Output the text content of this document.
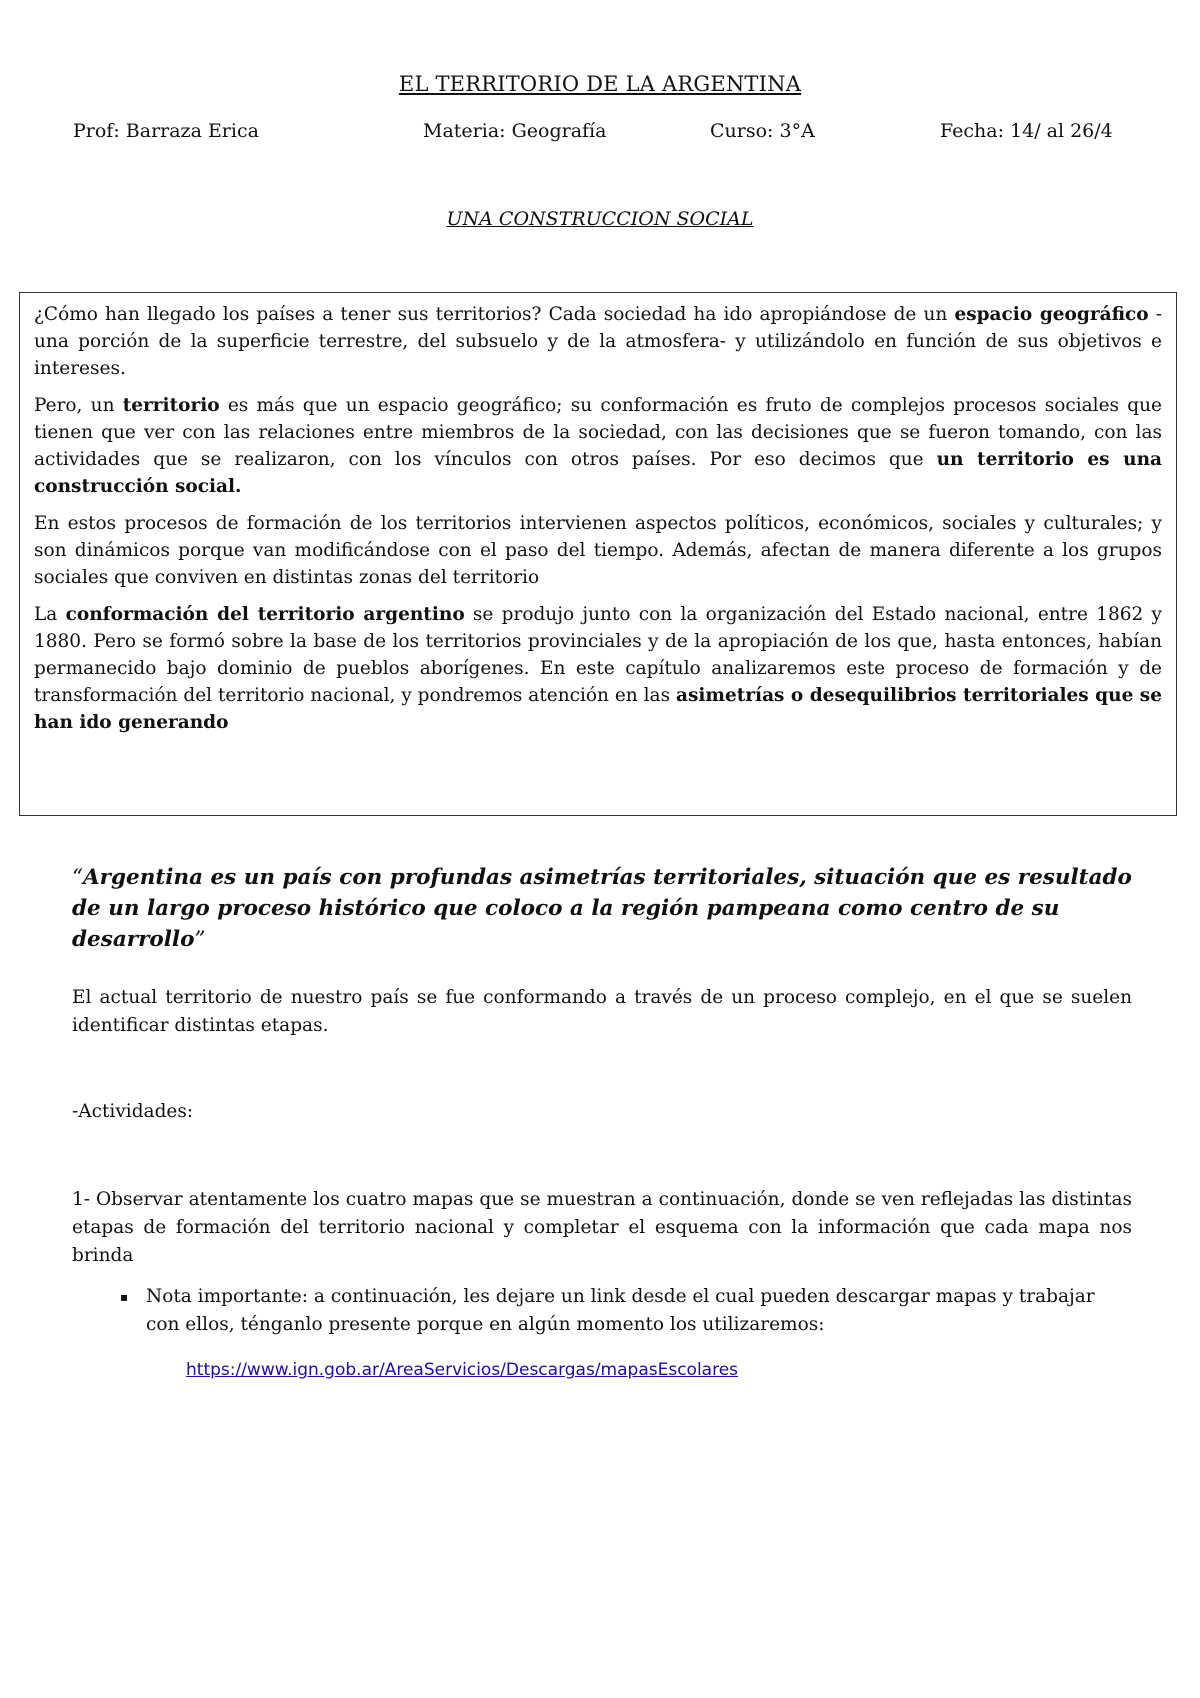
EL TERRITORIO DE LA ARGENTINA
Prof: Barraza Erica	Materia: Geografía	Curso: 3°A	Fecha: 14/ al 26/4
UNA CONSTRUCCION SOCIAL

¿Cómo han llegado los países a tener sus territorios? Cada sociedad ha ido apropiándose de un espacio geográfico - una porción de la superficie terrestre, del subsuelo y de la atmosfera- y utilizándolo en función de sus objetivos e intereses.

Pero, un territorio es más que un espacio geográfico; su conformación es fruto de complejos procesos sociales que tienen que ver con las relaciones entre miembros de la sociedad, con las decisiones que se fueron tomando, con las actividades que se realizaron, con los vínculos con otros países. Por eso decimos que un territorio es una construcción social.

En estos procesos de formación de los territorios intervienen aspectos políticos, económicos, sociales y culturales; y son dinámicos porque van modificándose con el paso del tiempo. Además, afectan de manera diferente a los grupos sociales que conviven en distintas zonas del territorio

La conformación del territorio argentino se produjo junto con la organización del Estado nacional, entre 1862 y 1880. Pero se formó sobre la base de los territorios provinciales y de la apropiación de los que, hasta entonces, habían permanecido bajo dominio de pueblos aborígenes. En este capítulo analizaremos este proceso de formación y de transformación del territorio nacional, y pondremos atención en las asimetrías o desequilibrios territoriales que se han ido generando

“Argentina es un país con profundas asimetrías territoriales, situación que es resultado de un largo proceso histórico que coloco a la región pampeana como centro de su desarrollo”
El actual territorio de nuestro país se fue conformando a través de un proceso complejo, en el que se suelen identificar distintas etapas.
-Actividades:
1- Observar atentamente los cuatro mapas que se muestran a continuación, donde se ven reflejadas las distintas etapas de formación del territorio nacional y completar el esquema con la información que cada mapa nos brinda
▪ Nota importante: a continuación, les dejare un link desde el cual pueden descargar mapas y trabajar con ellos, ténganlo presente porque en algún momento los utilizaremos:
https://www.ign.gob.ar/AreaServicios/Descargas/mapasEscolares
